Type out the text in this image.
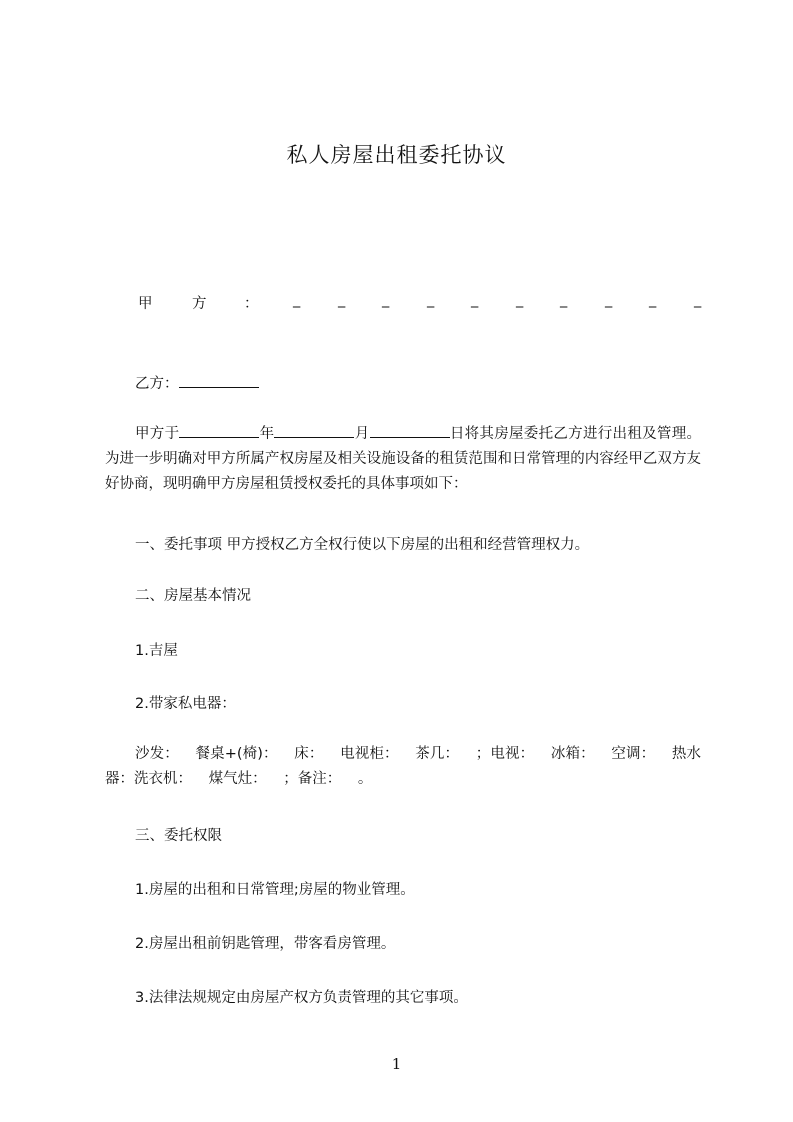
私人房屋出租委托协议
甲	方	： _	_	_	_	_	_	_	_	_	_
乙方：
甲方于	年	月	日将其房屋委托乙方进行出租及管理。为进一步明确对甲方所属产权房屋及相关设施设备的租赁范围和日常管理的内容经甲乙双方友好协商，现明确甲方房屋租赁授权委托的具体事项如下：
一、委托事项 甲方授权乙方全权行使以下房屋的出租和经营管理权力。
二、房屋基本情况
1.吉屋
2.带家私电器：
沙发： 餐桌+(椅)： 床： 电视柜： 茶几： ；电视： 冰箱： 空调： 热水器：洗衣机： 煤气灶： ；备注： 。
三、委托权限
1.房屋的出租和日常管理;房屋的物业管理。
2.房屋出租前钥匙管理，带客看房管理。
3.法律法规规定由房屋产权方负责管理的其它事项。
1
